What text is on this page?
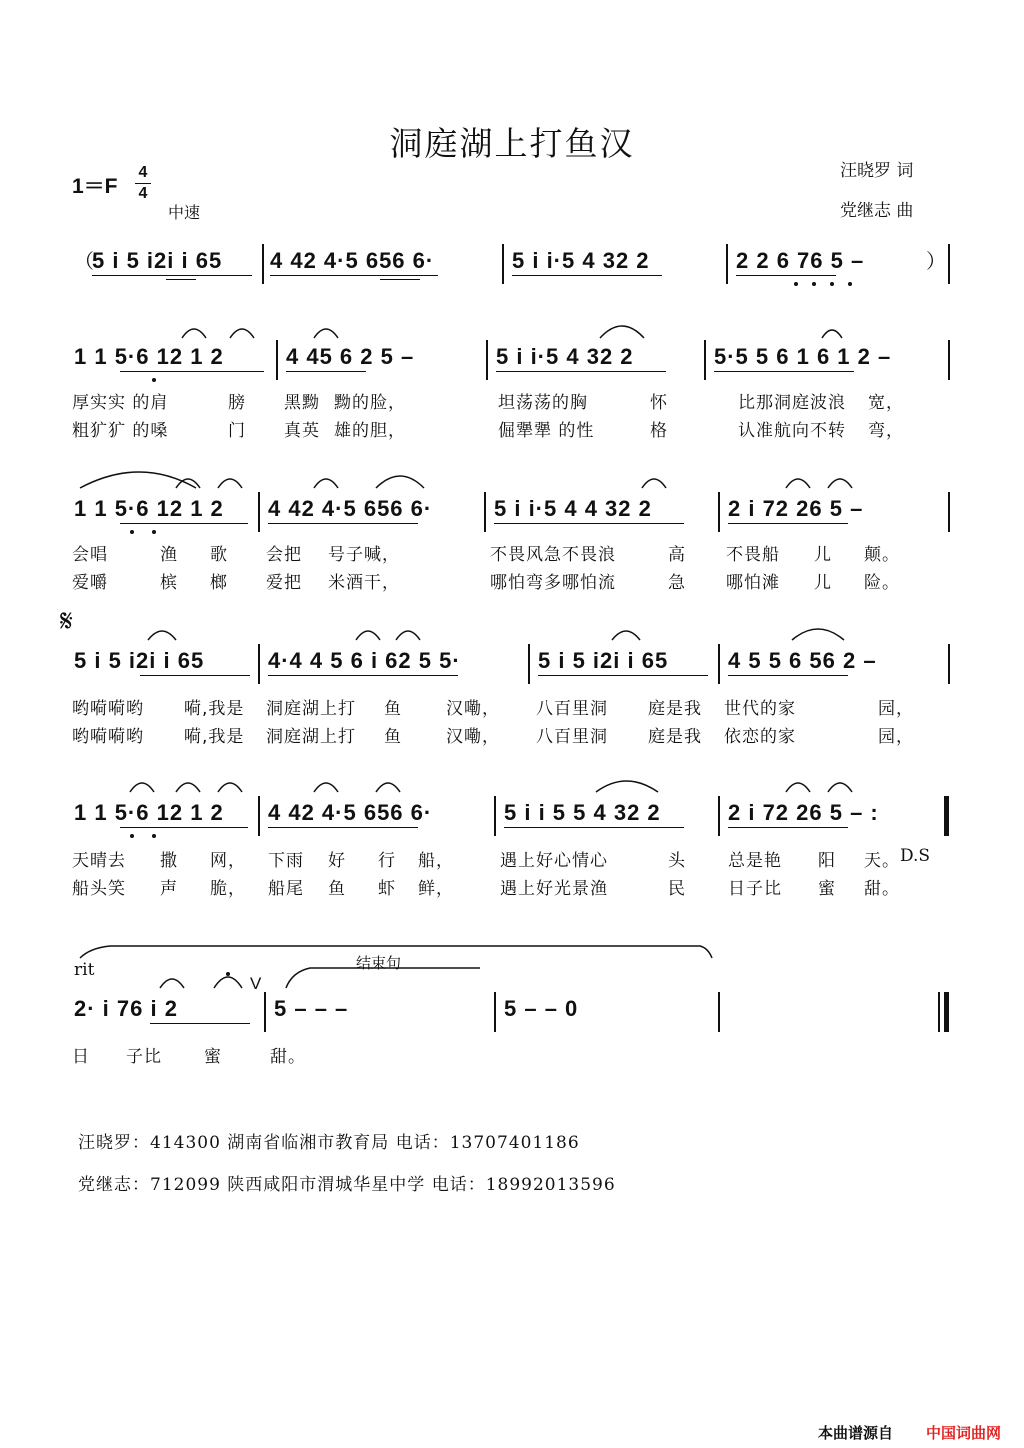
洞庭湖上打鱼汉
汪晓罗 词
党继志 曲
1＝F
4
4
中速
（
5 i 5 i2i i 65 4 42 4·5 656 6·	5 i i·5 4 32 2	2 2 6 76 5 –	）
1 1 5·6 12 1 2	4 45 6 2 5 –	5 i i·5 4 32 2	5·5 5 6 1 6 1 2 –
厚实实 的肩	膀 黑黝 黝的脸，	坦荡荡的胸	怀	比那洞庭波浪 宽，
粗犷犷 的嗓	门 真英 雄的胆，	倔犟犟 的性	格	认准航向不转 弯，
1 1 5·6 12 1 2 4 42 4·5 656 6·	5 i i·5 4 4 32 2	2 i 72 26 5 –
会唱	渔 歌 会把 号子喊，	不畏风急不畏浪	高 不畏船 儿 颠。
爱嚼	槟 榔 爱把 米酒干，	哪怕弯多哪怕流	急 哪怕滩 儿 险。
𝄋
5 i 5 i2i i 65	4·4 4 5 6 i 62 5 5·	5 i 5 i2i i 65	4 5 5 6 56 2 –
哟嗬嗬哟 嗬,我是 洞庭湖上打 鱼	汉嘞， 八百里洞 庭是我 世代的家	园，
哟嗬嗬哟 嗬,我是 洞庭湖上打 鱼	汉嘞， 八百里洞 庭是我 依恋的家	园，
1 1 5·6 12 1 2 4 42 4·5 656 6·	5 i i 5 5 4 32 2	2 i 72 26 5 – :
天晴去 撒 网， 下雨 好 行 船，	遇上好心情心	头 总是艳 阳 天。
船头笑 声 脆， 船尾 鱼 虾 鲜，	遇上好光景渔	民 日子比 蜜 甜。
D.S
rit	结束句
V
2· i 76 i 2	5 – – –	5 – – 0
日 子比 蜜	甜。
汪晓罗：414300 湖南省临湘市教育局 电话：13707401186
党继志：712099 陕西咸阳市渭城华星中学 电话：18992013596
本曲谱源自 中国词曲网
